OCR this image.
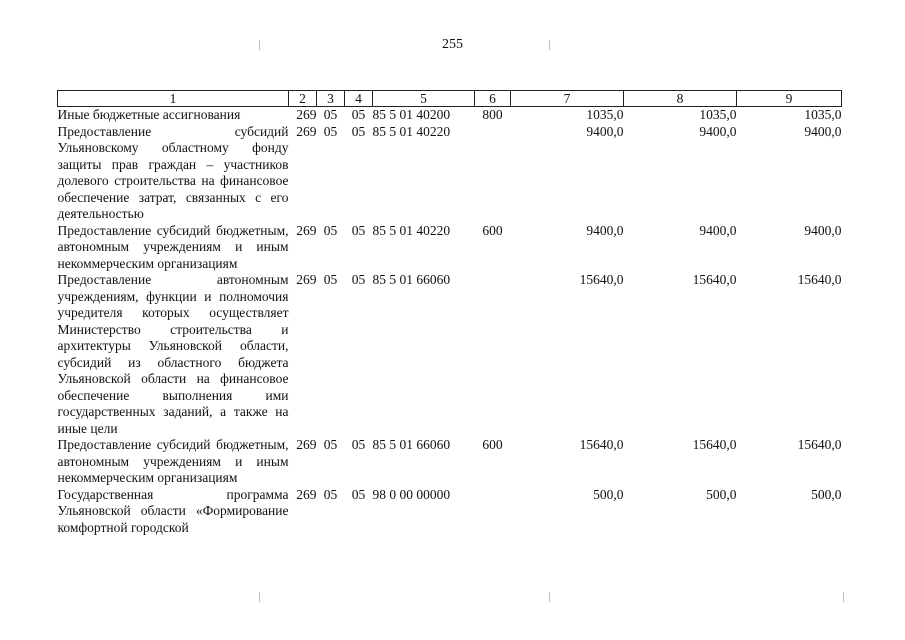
255
1	2	3	4	5	6	7	8	9
Иные бюджетные ассигнования	269	05	05	85 5 01 40200	800	1035,0	1035,0	1035,0
Предоставление субсидий Ульяновскому областному фонду защиты прав граждан – участников долевого строительства на финансовое обеспечение затрат, связанных с его деятельностью	269	05	05	85 5 01 40220		9400,0	9400,0	9400,0
Предоставление субсидий бюджетным, автономным учреждениям и иным некоммерческим организациям	269	05	05	85 5 01 40220	600	9400,0	9400,0	9400,0
Предоставление автономным учреждениям, функции и полномочия учредителя которых осуществляет Министерство строительства и архитектуры Ульяновской области, субсидий из областного бюджета Ульяновской области на финансовое обеспечение выполнения ими государственных заданий, а также на иные цели	269	05	05	85 5 01 66060		15640,0	15640,0	15640,0
Предоставление субсидий бюджетным, автономным учреждениям и иным некоммерческим организациям	269	05	05	85 5 01 66060	600	15640,0	15640,0	15640,0
Государственная программа Ульяновской области «Формирование комфортной городской	269	05	05	98 0 00 00000		500,0	500,0	500,0
